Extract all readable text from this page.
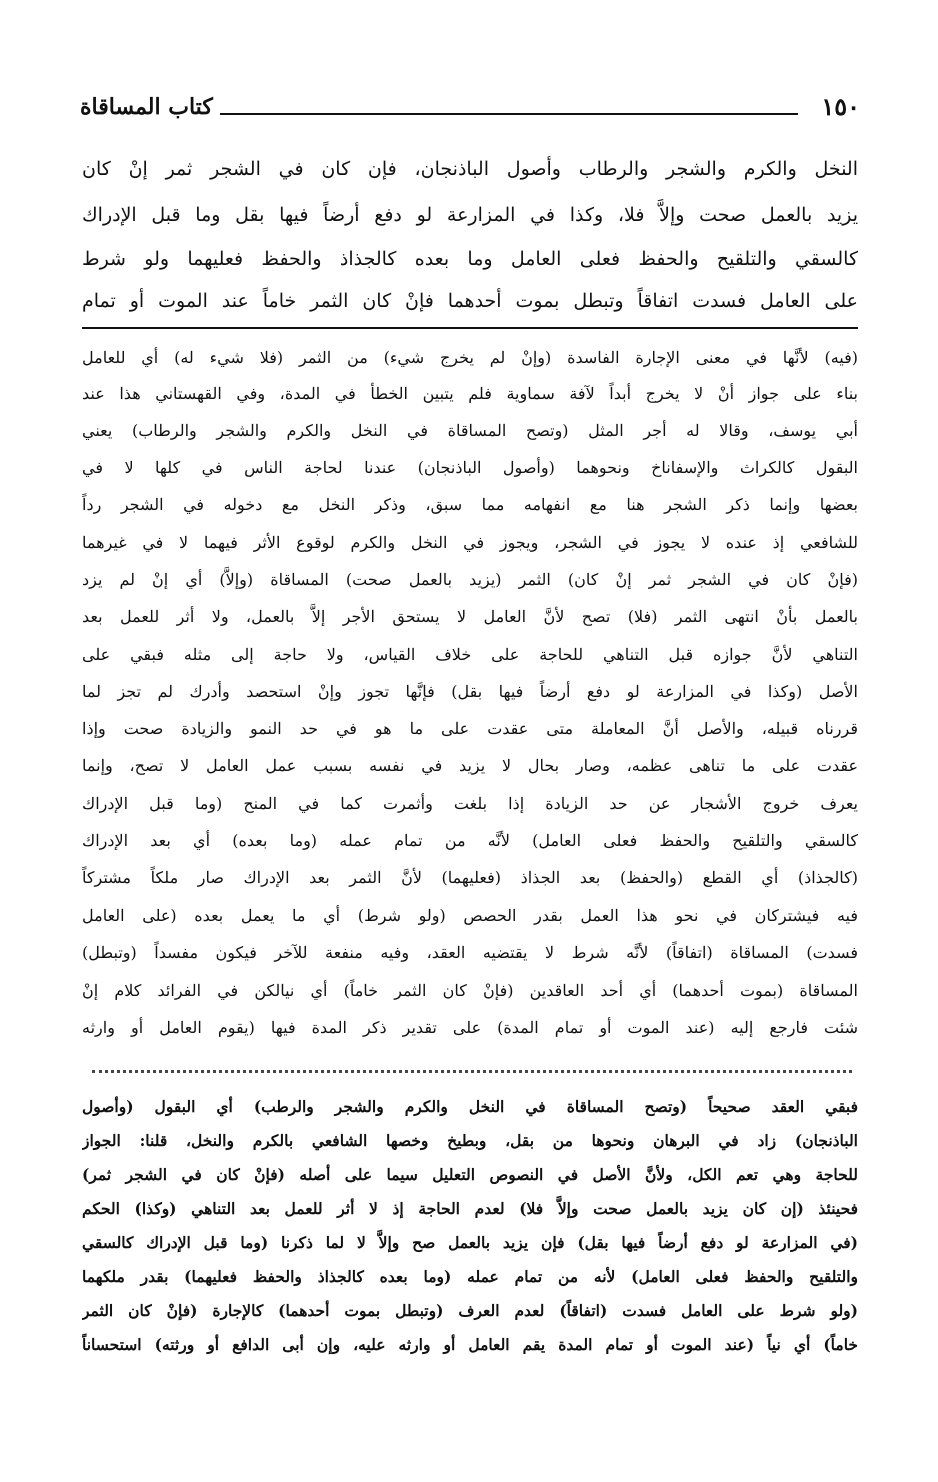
١٥٠
كتاب المساقاة
النخل والكرم والشجر والرطاب وأصول الباذنجان، فإن كان في الشجر ثمر إنْ كان
يزيد بالعمل صحت وإلاَّ فلا، وكذا في المزارعة لو دفع أرضاً فيها بقل وما قبل الإدراك
كالسقي والتلقيح والحفظ فعلى العامل وما بعده كالجذاذ والحفظ فعليهما ولو شرط
على العامل فسدت اتفاقاً وتبطل بموت أحدهما فإنْ كان الثمر خاماً عند الموت أو تمام
(فيه) لأنَّها في معنى الإجارة الفاسدة (وإنْ لم يخرج شيء) من الثمر (فلا شيء له) أي للعامل
بناء على جواز أنْ لا يخرج أبداً لآفة سماوية فلم يتبين الخطأ في المدة، وفي القهستاني هذا عند
أبي يوسف، وقالا له أجر المثل (وتصح المساقاة في النخل والكرم والشجر والرطاب) يعني
البقول كالكراث والإسفاناخ ونحوهما (وأصول الباذنجان) عندنا لحاجة الناس في كلها لا في
بعضها وإنما ذكر الشجر هنا مع انفهامه مما سبق، وذكر النخل مع دخوله في الشجر رداً
للشافعي إذ عنده لا يجوز في الشجر، ويجوز في النخل والكرم لوقوع الأثر فيهما لا في غيرهما
(فإنْ كان في الشجر ثمر إنْ كان) الثمر (يزيد بالعمل صحت) المساقاة (وإلاَّ) أي إنْ لم يزد
بالعمل بأنْ انتهى الثمر (فلا) تصح لأنَّ العامل لا يستحق الأجر إلاَّ بالعمل، ولا أثر للعمل بعد
التناهي لأنَّ جوازه قبل التناهي للحاجة على خلاف القياس، ولا حاجة إلى مثله فبقي على
الأصل (وكذا في المزارعة لو دفع أرضاً فيها بقل) فإنَّها تجوز وإنْ استحصد وأدرك لم تجز لما
قررناه قبيله، والأصل أنَّ المعاملة متى عقدت على ما هو في حد النمو والزيادة صحت وإذا
عقدت على ما تناهى عظمه، وصار بحال لا يزيد في نفسه بسبب عمل العامل لا تصح، وإنما
يعرف خروج الأشجار عن حد الزيادة إذا بلغت وأثمرت كما في المنح (وما قبل الإدراك
كالسقي والتلقيح والحفظ فعلى العامل) لأنَّه من تمام عمله (وما بعده) أي بعد الإدراك
(كالجذاذ) أي القطع (والحفظ) بعد الجذاذ (فعليهما) لأنَّ الثمر بعد الإدراك صار ملكاً مشتركاً
فيه فيشتركان في نحو هذا العمل بقدر الحصص (ولو شرط) أي ما يعمل بعده (على العامل
فسدت) المساقاة (اتفاقاً) لأنَّه شرط لا يقتضيه العقد، وفيه منفعة للآخر فيكون مفسداً (وتبطل)
المساقاة (بموت أحدهما) أي أحد العاقدين (فإنْ كان الثمر خاماً) أي نيالكن في الفرائد كلام إنْ
شئت فارجع إليه (عند الموت أو تمام المدة) على تقدير ذكر المدة فيها (يقوم العامل أو وارثه
فبقي العقد صحيحاً (وتصح المساقاة في النخل والكرم والشجر والرطب) أي البقول (وأصول
الباذنجان) زاد في البرهان ونحوها من بقل، وبطيخ وخصها الشافعي بالكرم والنخل، قلنا: الجواز
للحاجة وهي تعم الكل، ولأنَّ الأصل في النصوص التعليل سيما على أصله (فإنْ كان في الشجر ثمر)
فحينئذ (إن كان يزيد بالعمل صحت وإلاَّ فلا) لعدم الحاجة إذ لا أثر للعمل بعد التناهي (وكذا) الحكم
(في المزارعة لو دفع أرضاً فيها بقل) فإن يزيد بالعمل صح وإلاَّ لا لما ذكرنا (وما قبل الإدراك كالسقي
والتلقيح والحفظ فعلى العامل) لأنه من تمام عمله (وما بعده كالجذاذ والحفظ فعليهما) بقدر ملكهما
(ولو شرط على العامل فسدت (اتفاقاً) لعدم العرف (وتبطل بموت أحدهما) كالإجارة (فإنْ كان الثمر
خاماً) أي نياً (عند الموت أو تمام المدة يقم العامل أو وارثه عليه، وإن أبى الدافع أو ورثته) استحساناً
